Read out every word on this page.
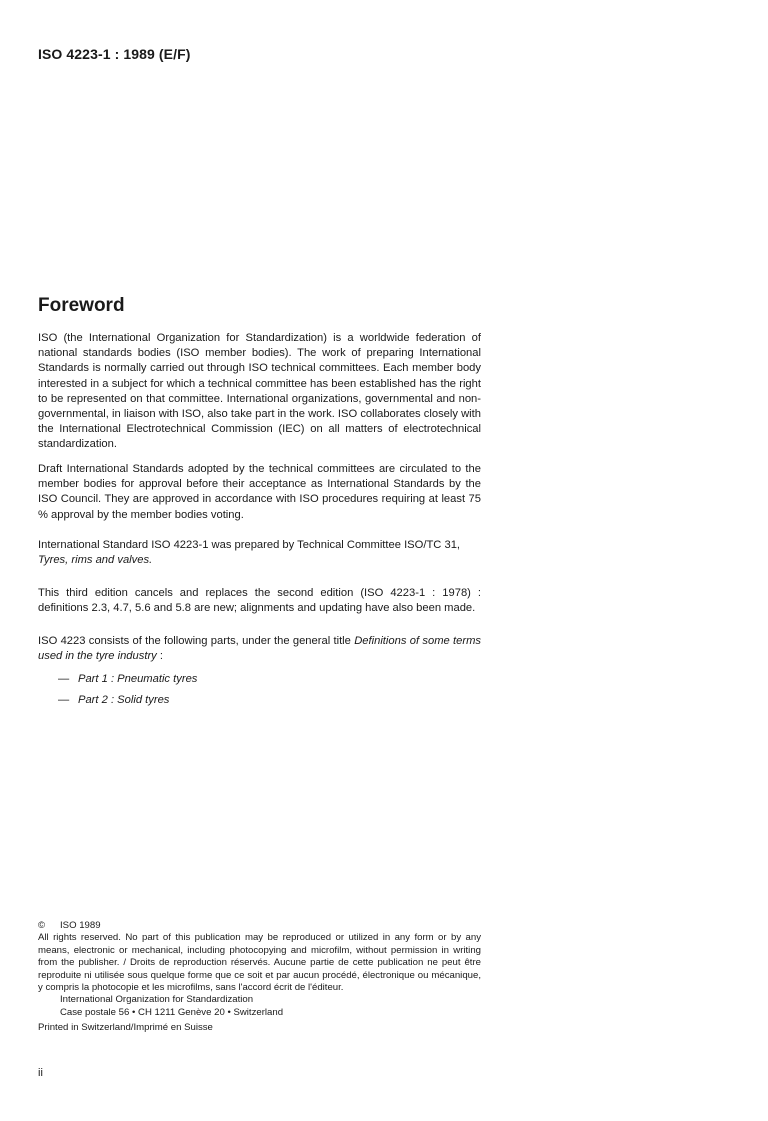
ISO 4223-1 : 1989 (E/F)
Foreword
ISO (the International Organization for Standardization) is a worldwide federation of national standards bodies (ISO member bodies). The work of preparing International Standards is normally carried out through ISO technical committees. Each member body interested in a subject for which a technical committee has been established has the right to be represented on that committee. International organizations, governmental and non-governmental, in liaison with ISO, also take part in the work. ISO collaborates closely with the International Electrotechnical Commission (IEC) on all matters of electrotechnical standardization.
Draft International Standards adopted by the technical committees are circulated to the member bodies for approval before their acceptance as International Standards by the ISO Council. They are approved in accordance with ISO procedures requiring at least 75 % approval by the member bodies voting.
International Standard ISO 4223-1 was prepared by Technical Committee ISO/TC 31,
Tyres, rims and valves.
This third edition cancels and replaces the second edition (ISO 4223-1 : 1978) : definitions 2.3, 4.7, 5.6 and 5.8 are new; alignments and updating have also been made.
ISO 4223 consists of the following parts, under the general title Definitions of some terms used in the tyre industry :
— Part 1 : Pneumatic tyres
— Part 2 : Solid tyres
© ISO 1989
All rights reserved. No part of this publication may be reproduced or utilized in any form or by any means, electronic or mechanical, including photocopying and microfilm, without permission in writing from the publisher. / Droits de reproduction réservés. Aucune partie de cette publication ne peut être reproduite ni utilisée sous quelque forme que ce soit et par aucun procédé, électronique ou mécanique, y compris la photocopie et les microfilms, sans l'accord écrit de l'éditeur.
International Organization for Standardization
Case postale 56 • CH 1211 Genève 20 • Switzerland
Printed in Switzerland/Imprimé en Suisse
ii
